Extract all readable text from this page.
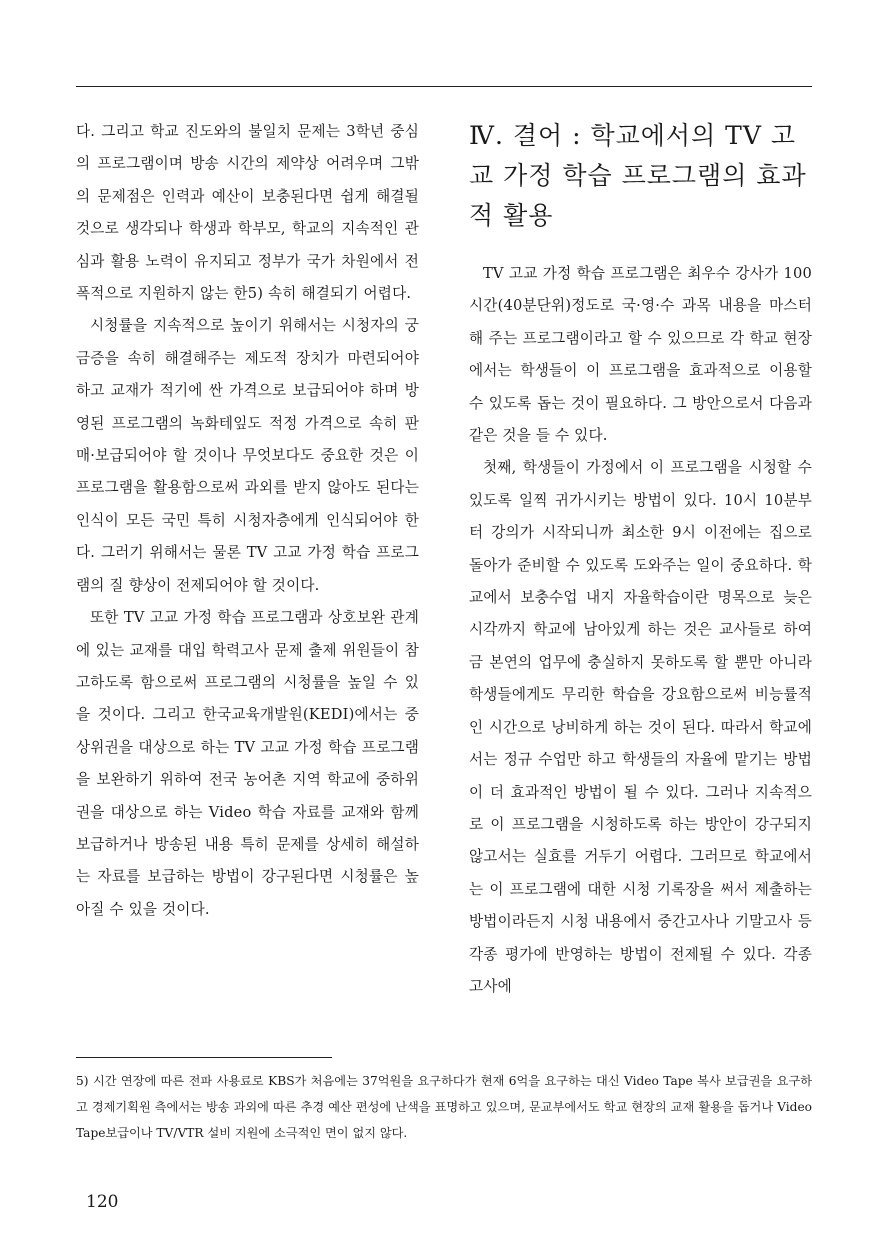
다. 그리고 학교 진도와의 불일치 문제는 3학년 중심의 프로그램이며 방송 시간의 제약상 어려우며 그밖의 문제점은 인력과 예산이 보충된다면 쉽게 해결될 것으로 생각되나 학생과 학부모, 학교의 지속적인 관심과 활용 노력이 유지되고 정부가 국가 차원에서 전폭적으로 지원하지 않는 한5) 속히 해결되기 어렵다.

시청률을 지속적으로 높이기 위해서는 시청자의 궁금증을 속히 해결해주는 제도적 장치가 마련되어야 하고 교재가 적기에 싼 가격으로 보급되어야 하며 방영된 프로그램의 녹화테잎도 적정 가격으로 속히 판매·보급되어야 할 것이나 무엇보다도 중요한 것은 이 프로그램을 활용함으로써 과외를 받지 않아도 된다는 인식이 모든 국민 특히 시청자층에게 인식되어야 한다. 그러기 위해서는 물론 TV 고교 가정 학습 프로그램의 질 향상이 전제되어야 할 것이다.

또한 TV 고교 가정 학습 프로그램과 상호보완 관계에 있는 교재를 대입 학력고사 문제 출제 위원들이 참고하도록 함으로써 프로그램의 시청률을 높일 수 있을 것이다. 그리고 한국교육개발원(KEDI)에서는 중상위권을 대상으로 하는 TV 고교 가정 학습 프로그램을 보완하기 위하여 전국 농어촌 지역 학교에 중하위권을 대상으로 하는 Video 학습 자료를 교재와 함께 보급하거나 방송된 내용 특히 문제를 상세히 해설하는 자료를 보급하는 방법이 강구된다면 시청률은 높아질 수 있을 것이다.

Ⅳ. 결어 : 학교에서의 TV 고교 가정 학습 프로그램의 효과적 활용

TV 고교 가정 학습 프로그램은 최우수 강사가 100시간(40분단위)정도로 국·영·수 과목 내용을 마스터해 주는 프로그램이라고 할 수 있으므로 각 학교 현장에서는 학생들이 이 프로그램을 효과적으로 이용할 수 있도록 돕는 것이 필요하다. 그 방안으로서 다음과 같은 것을 들 수 있다.

첫째, 학생들이 가정에서 이 프로그램을 시청할 수 있도록 일찍 귀가시키는 방법이 있다. 10시 10분부터 강의가 시작되니까 최소한 9시 이전에는 집으로 돌아가 준비할 수 있도록 도와주는 일이 중요하다. 학교에서 보충수업 내지 자율학습이란 명목으로 늦은 시각까지 학교에 남아있게 하는 것은 교사들로 하여금 본연의 업무에 충실하지 못하도록 할 뿐만 아니라 학생들에게도 무리한 학습을 강요함으로써 비능률적인 시간으로 낭비하게 하는 것이 된다. 따라서 학교에서는 정규 수업만 하고 학생들의 자율에 맡기는 방법이 더 효과적인 방법이 될 수 있다. 그러나 지속적으로 이 프로그램을 시청하도록 하는 방안이 강구되지 않고서는 실효를 거두기 어렵다. 그러므로 학교에서는 이 프로그램에 대한 시청 기록장을 써서 제출하는 방법이라든지 시청 내용에서 중간고사나 기말고사 등 각종 평가에 반영하는 방법이 전제될 수 있다. 각종 고사에

5) 시간 연장에 따른 전파 사용료로 KBS가 처음에는 37억원을 요구하다가 현재 6억을 요구하는 대신 Video Tape 복사 보급권을 요구하고 경제기획원 측에서는 방송 과외에 따른 추경 예산 편성에 난색을 표명하고 있으며, 문교부에서도 학교 현장의 교재 활용을 돕거나 Video Tape보급이나 TV/VTR 설비 지원에 소극적인 면이 없지 않다.

120
